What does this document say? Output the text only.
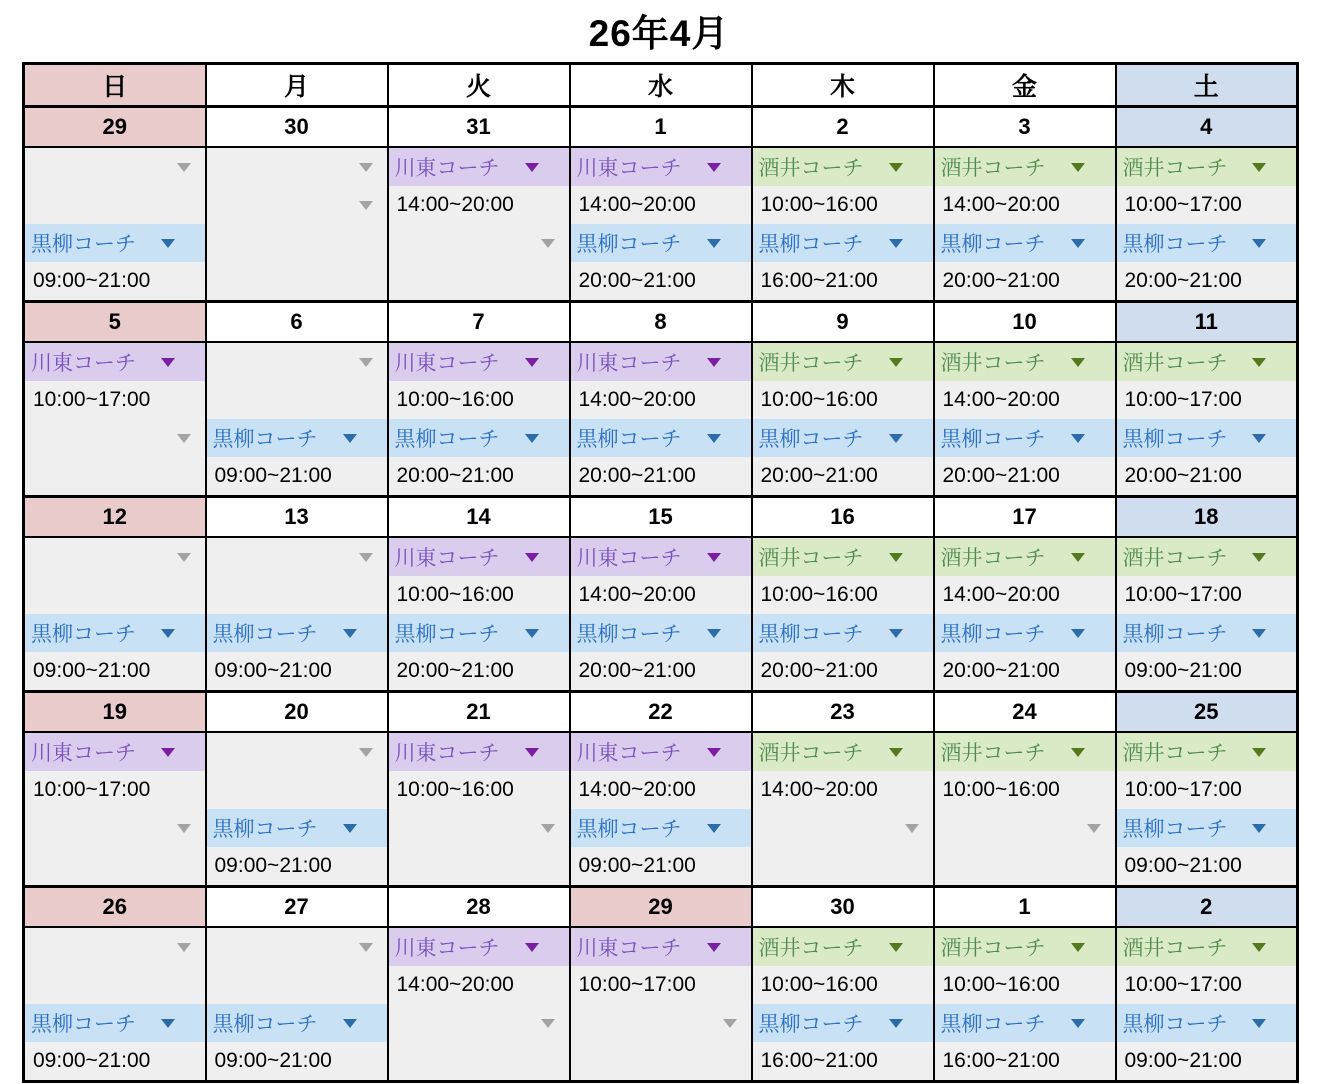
26年4月
日	月	火	水	木	金	土
29	30	31	1	2	3	4

		川東コーチ	川東コーチ	酒井コーチ	酒井コーチ	酒井コーチ

		14:00~20:00	14:00~20:00	10:00~16:00	14:00~20:00	10:00~17:00

黒柳コーチ			黒柳コーチ	黒柳コーチ	黒柳コーチ	黒柳コーチ

09:00~21:00			20:00~21:00	16:00~21:00	20:00~21:00	20:00~21:00

5	6	7	8	9	10	11

川東コーチ		川東コーチ	川東コーチ	酒井コーチ	酒井コーチ	酒井コーチ

10:00~17:00		10:00~16:00	14:00~20:00	10:00~16:00	14:00~20:00	10:00~17:00

	黒柳コーチ	黒柳コーチ	黒柳コーチ	黒柳コーチ	黒柳コーチ	黒柳コーチ

	09:00~21:00	20:00~21:00	20:00~21:00	20:00~21:00	20:00~21:00	20:00~21:00

12	13	14	15	16	17	18

		川東コーチ	川東コーチ	酒井コーチ	酒井コーチ	酒井コーチ

		10:00~16:00	14:00~20:00	10:00~16:00	14:00~20:00	10:00~17:00

黒柳コーチ	黒柳コーチ	黒柳コーチ	黒柳コーチ	黒柳コーチ	黒柳コーチ	黒柳コーチ

09:00~21:00	09:00~21:00	20:00~21:00	20:00~21:00	20:00~21:00	20:00~21:00	09:00~21:00

19	20	21	22	23	24	25

川東コーチ		川東コーチ	川東コーチ	酒井コーチ	酒井コーチ	酒井コーチ

10:00~17:00		10:00~16:00	14:00~20:00	14:00~20:00	10:00~16:00	10:00~17:00

	黒柳コーチ		黒柳コーチ			黒柳コーチ

	09:00~21:00		09:00~21:00			09:00~21:00

26	27	28	29	30	1	2

		川東コーチ	川東コーチ	酒井コーチ	酒井コーチ	酒井コーチ

		14:00~20:00	10:00~17:00	10:00~16:00	10:00~16:00	10:00~17:00

黒柳コーチ	黒柳コーチ			黒柳コーチ	黒柳コーチ	黒柳コーチ

09:00~21:00	09:00~21:00			16:00~21:00	16:00~21:00	09:00~21:00
